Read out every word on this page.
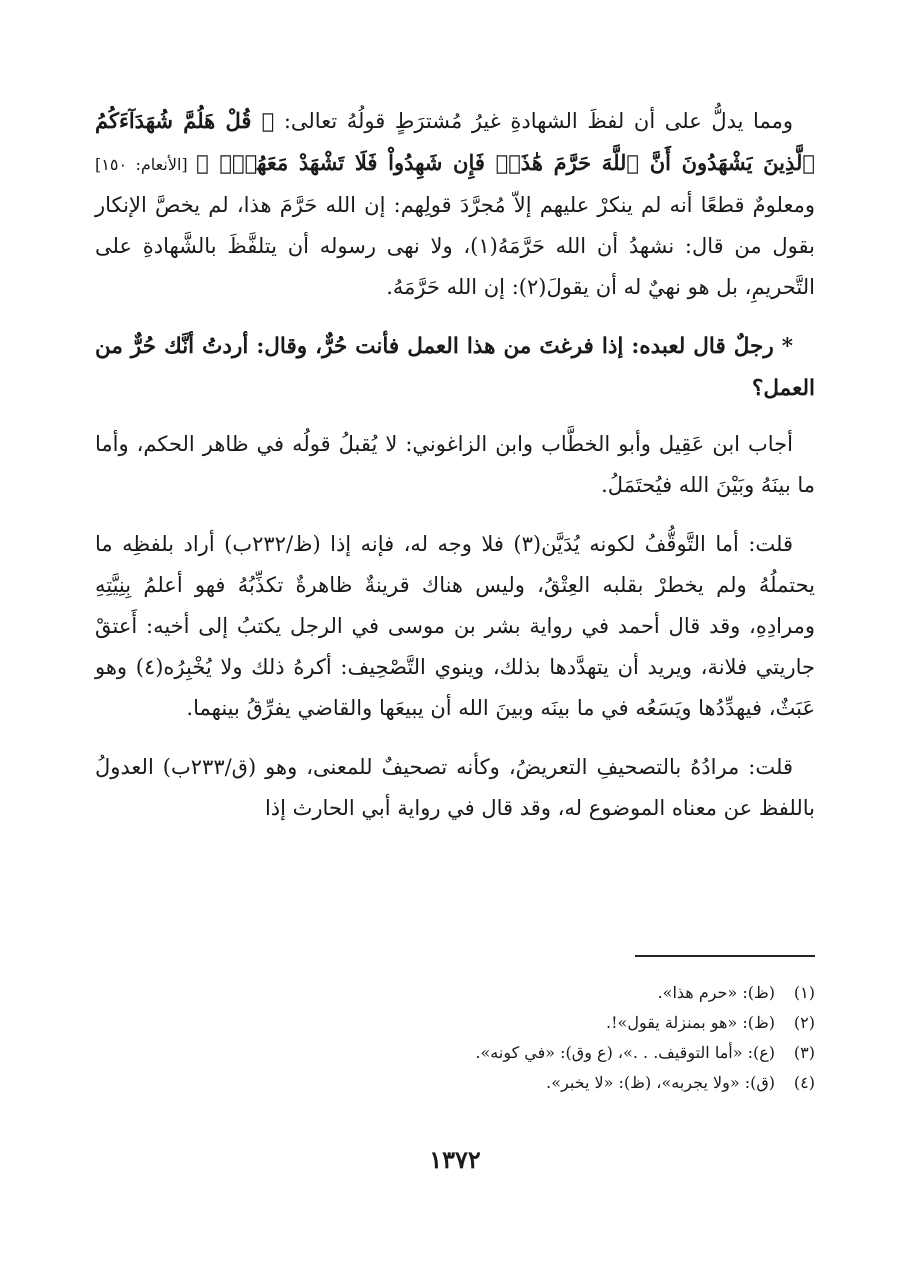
ومما يدلُّ على أن لفظَ الشهادةِ غيرُ مُشترَطٍ قولُهُ تعالى: ﴿ قُلْ هَلُمَّ شُهَدَآءَكُمُ ٱلَّذِينَ يَشْهَدُونَ أَنَّ ٱللَّهَ حَرَّمَ هَٰذَاۖ فَإِن شَهِدُواْ فَلَا تَشْهَدْ مَعَهُمْۚ ﴾ [الأنعام: ١٥٠] ومعلومٌ قطعًا أنه لم ينكرْ عليهم إلاّ مُجرَّدَ قولِهم: إن الله حَرَّمَ هذا، لم يخصَّ الإنكار بقول من قال: نشهدُ أن الله حَرَّمَهُ(١)، ولا نهى رسوله أن يتلفَّظَ بالشَّهادةِ على التَّحريمِ، بل هو نهيٌ له أن يقولَ(٢): إن الله حَرَّمَهُ.

* رجلٌ قال لعبده: إذا فرغتَ من هذا العمل فأنت حُرٌّ، وقال: أردتُ أنَّك حُرٌّ من العمل؟

أجاب ابن عَقِيل وأبو الخطَّاب وابن الزاغوني: لا يُقبلُ قولُه في ظاهر الحكم، وأما ما بينَهُ وبَيْنَ الله فيُحتَمَلُ.

قلت: أما التَّوقُّفُ لكونه يُدَيَّن(٣) فلا وجه له، فإنه إذا (ظ/٢٣٢ب) أراد بلفظِه ما يحتملُهُ ولم يخطرْ بقلبه العِتْقُ، وليس هناك قرينةٌ ظاهرةٌ تكذِّبُهُ فهو أعلمُ بِنِيَّتِهِ ومرادِهِ، وقد قال أحمد في رواية بشر بن موسى في الرجل يكتبُ إلى أخيه: أَعتقْ جاريتي فلانة، ويريد أن يتهدَّدها بذلك، وينوي التَّصْحِيف: أكرهُ ذلك ولا يُخْبِرُه(٤) وهو عَبَثٌ، فيهدِّدُها ويَسَعُه في ما بينَه وبينَ الله أن يبيعَها والقاضي يفرِّقُ بينهما.

قلت: مرادُهُ بالتصحيفِ التعريضُ، وكأنه تصحيفٌ للمعنى، وهو (ق/٢٣٣ب) العدولُ باللفظ عن معناه الموضوع له، وقد قال في رواية أبي الحارث إذا

(١)
(ظ): «حرم هذا».
(٢)
(ظ): «هو بمنزلة يقول»!.
(٣)
(ع): «أما التوقيف. . .»، (ع وق): «في كونه».
(٤)
(ق): «ولا يجربه»، (ظ): «لا يخبر».
١٣٧٢
